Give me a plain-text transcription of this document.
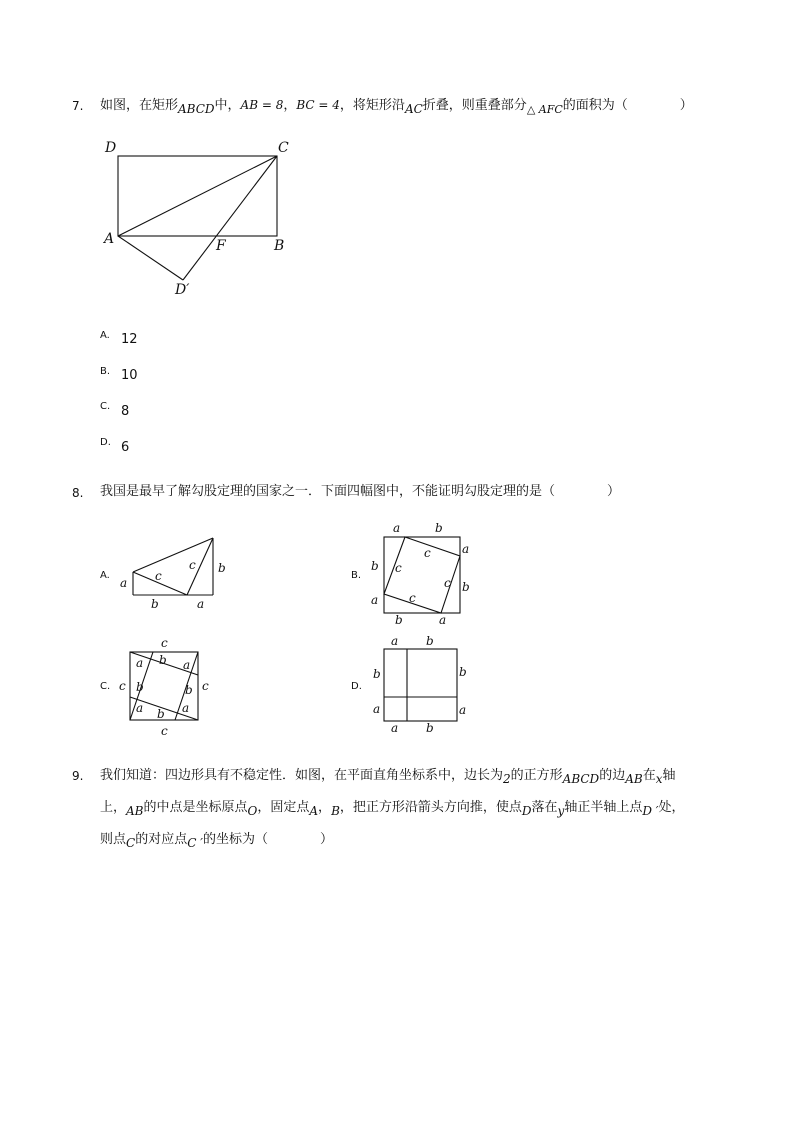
7. 如图，在矩形ABCD中，AB = 8，BC = 4，将矩形沿AC折叠，则重叠部分$_{\triangle AFC}$的面积为（	）
D	C
A	F	B
D′
A. 12
B. 10
C. 8
D. 6
8. 我国是最早了解勾股定理的国家之一．下面四幅图中，不能证明勾股定理的是（	）
A.
a c
c b
b	a
B.
a	b
a
b
b
a
b	a
c
c
c
c
C.
c
c
c	c
a b a
b
b
a b a
D.
a b
b
a
b
a
a b
9. 我们知道：四边形具有不稳定性．如图，在平面直角坐标系中，边长为2的正方形ABCD的边AB在x轴
上，AB的中点是坐标原点O，固定点A，B，把正方形沿箭头方向推，使点D落在y轴正半轴上点D ′处，
则点C的对应点C ′的坐标为（	）
